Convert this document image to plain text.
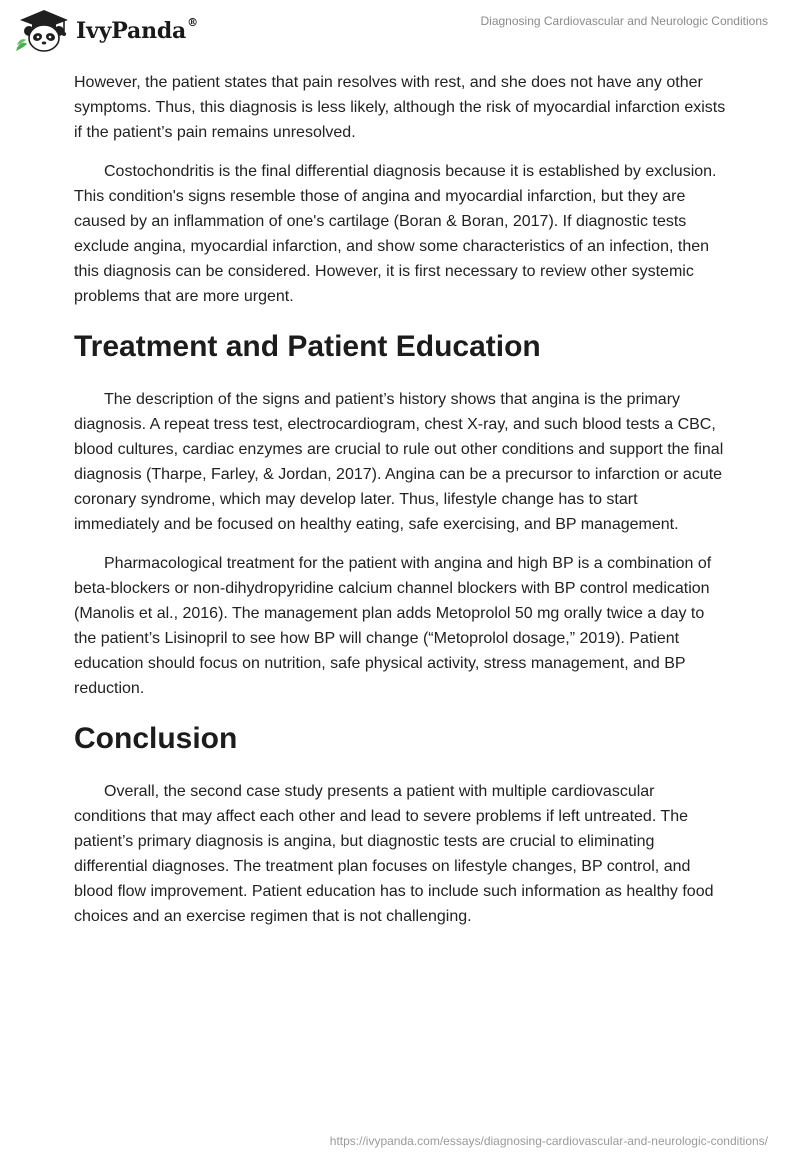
IvyPanda®	Diagnosing Cardiovascular and Neurologic Conditions

However, the patient states that pain resolves with rest, and she does not have any other symptoms. Thus, this diagnosis is less likely, although the risk of myocardial infarction exists if the patient’s pain remains unresolved.

Costochondritis is the final differential diagnosis because it is established by exclusion. This condition's signs resemble those of angina and myocardial infarction, but they are caused by an inflammation of one's cartilage (Boran & Boran, 2017). If diagnostic tests exclude angina, myocardial infarction, and show some characteristics of an infection, then this diagnosis can be considered. However, it is first necessary to review other systemic problems that are more urgent.

Treatment and Patient Education

The description of the signs and patient’s history shows that angina is the primary diagnosis. A repeat tress test, electrocardiogram, chest X-ray, and such blood tests a CBC, blood cultures, cardiac enzymes are crucial to rule out other conditions and support the final diagnosis (Tharpe, Farley, & Jordan, 2017). Angina can be a precursor to infarction or acute coronary syndrome, which may develop later. Thus, lifestyle change has to start immediately and be focused on healthy eating, safe exercising, and BP management.

Pharmacological treatment for the patient with angina and high BP is a combination of beta-blockers or non-dihydropyridine calcium channel blockers with BP control medication (Manolis et al., 2016). The management plan adds Metoprolol 50 mg orally twice a day to the patient’s Lisinopril to see how BP will change (“Metoprolol dosage,” 2019). Patient education should focus on nutrition, safe physical activity, stress management, and BP reduction.

Conclusion

Overall, the second case study presents a patient with multiple cardiovascular conditions that may affect each other and lead to severe problems if left untreated. The patient’s primary diagnosis is angina, but diagnostic tests are crucial to eliminating differential diagnoses. The treatment plan focuses on lifestyle changes, BP control, and blood flow improvement. Patient education has to include such information as healthy food choices and an exercise regimen that is not challenging.

https://ivypanda.com/essays/diagnosing-cardiovascular-and-neurologic-conditions/
